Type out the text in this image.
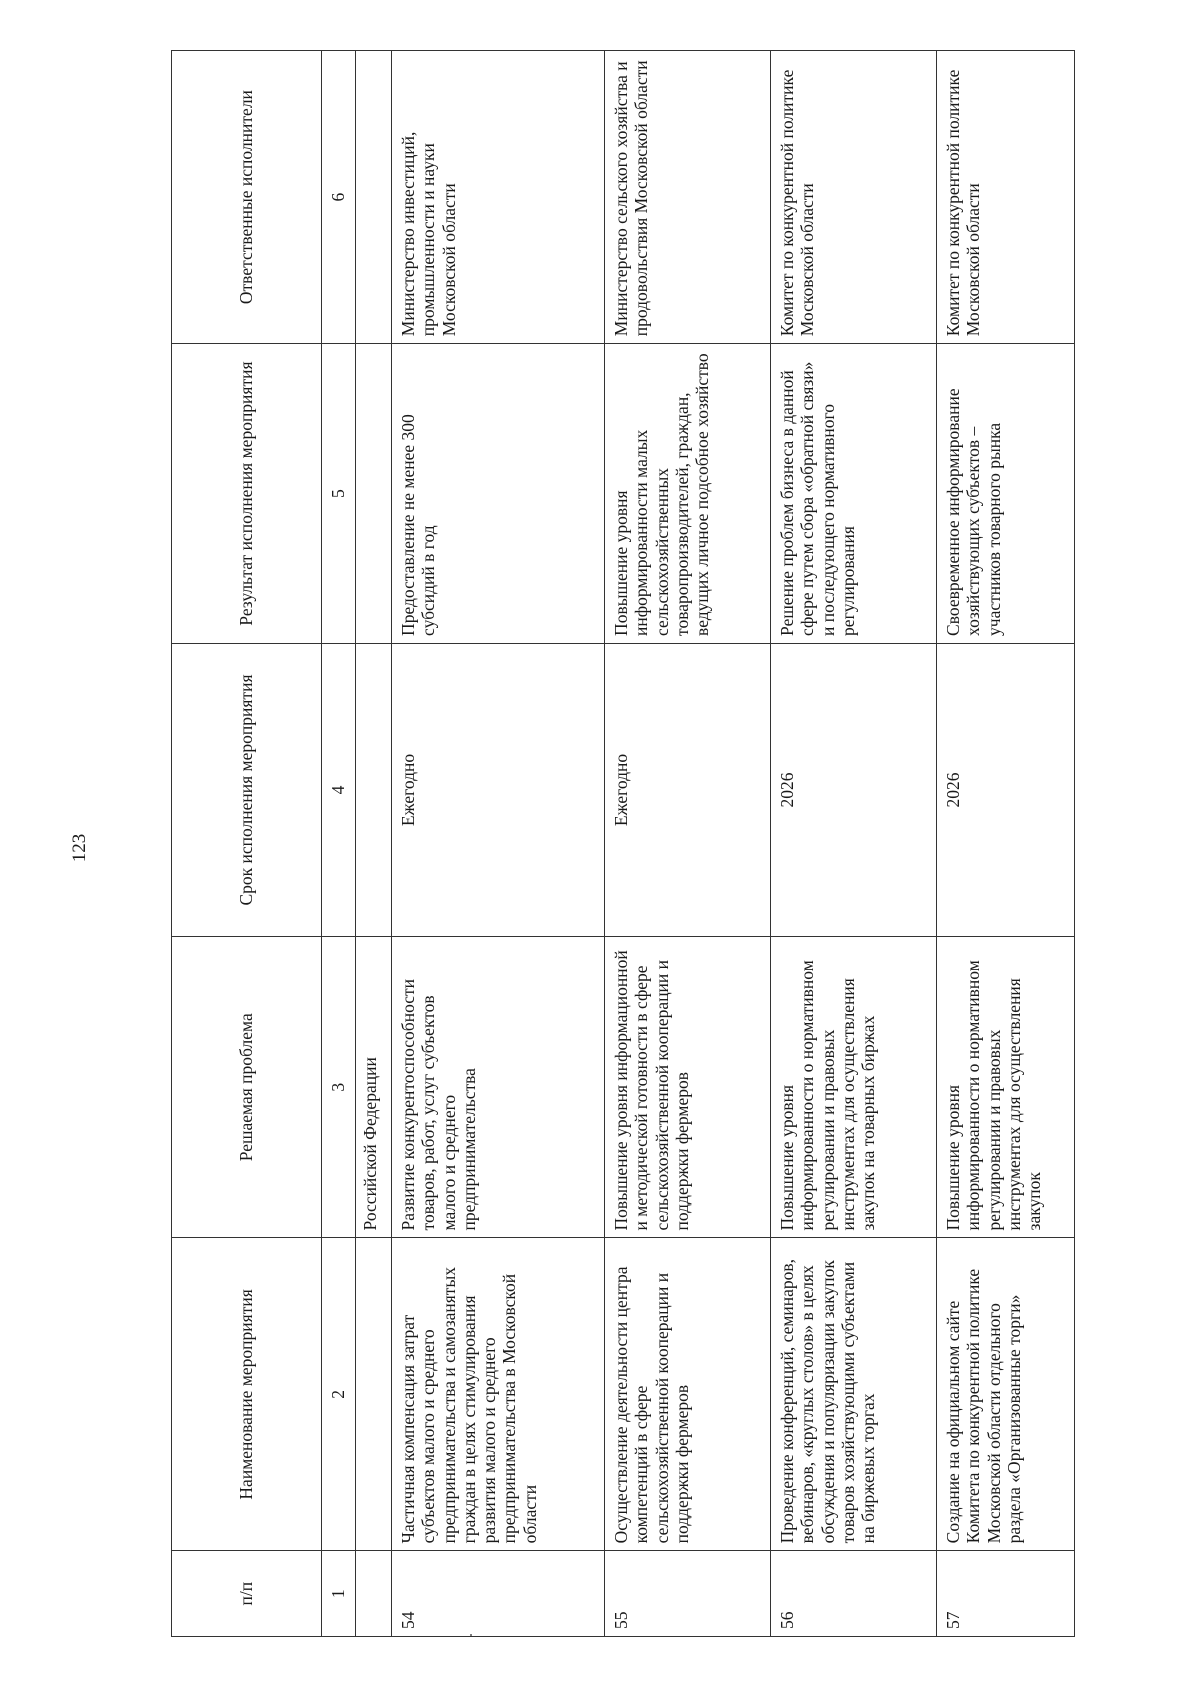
123
п/п	Наименование мероприятия	Решаемая проблема	Срок исполнения мероприятия	Результат исполнения мероприятия	Ответственные исполнители
1	2	3	4	5	6
		Российской Федерации			
54	Частичная компенсация затрат субъектов малого и среднего предпринимательства и самозанятых граждан в целях стимулирования развития малого и среднего предпринимательства в Московской области	Развитие конкурентоспособности товаров, работ, услуг субъектов малого и среднего предпринимательства	Ежегодно	Предоставление не менее 300 субсидий в год	Министерство инвестиций, промышленности и науки Московской области
55	Осуществление деятельности центра компетенций в сфере сельскохозяйственной кооперации и поддержки фермеров	Повышение уровня информационной и методической готовности в сфере сельскохозяйственной кооперации и поддержки фермеров	Ежегодно	Повышение уровня информированности малых сельскохозяйственных товаропроизводителей, граждан, ведущих личное подсобное хозяйство	Министерство сельского хозяйства и продовольствия Московской области
56	Проведение конференций, семинаров, вебинаров, «круглых столов» в целях обсуждения и популяризации закупок товаров хозяйствующими субъектами на биржевых торгах	Повышение уровня информированности о нормативном регулировании и правовых инструментах для осуществления закупок на товарных биржах	2026	Решение проблем бизнеса в данной сфере путем сбора «обратной связи» и последующего нормативного регулирования	Комитет по конкурентной политике Московской области
57	Создание на официальном сайте Комитета по конкурентной политике Московской области отдельного раздела «Организованные торги»	Повышение уровня информированности о нормативном регулировании и правовых инструментах для осуществления закупок	2026	Своевременное информирование хозяйствующих субъектов – участников товарного рынка	Комитет по конкурентной политике Московской области
